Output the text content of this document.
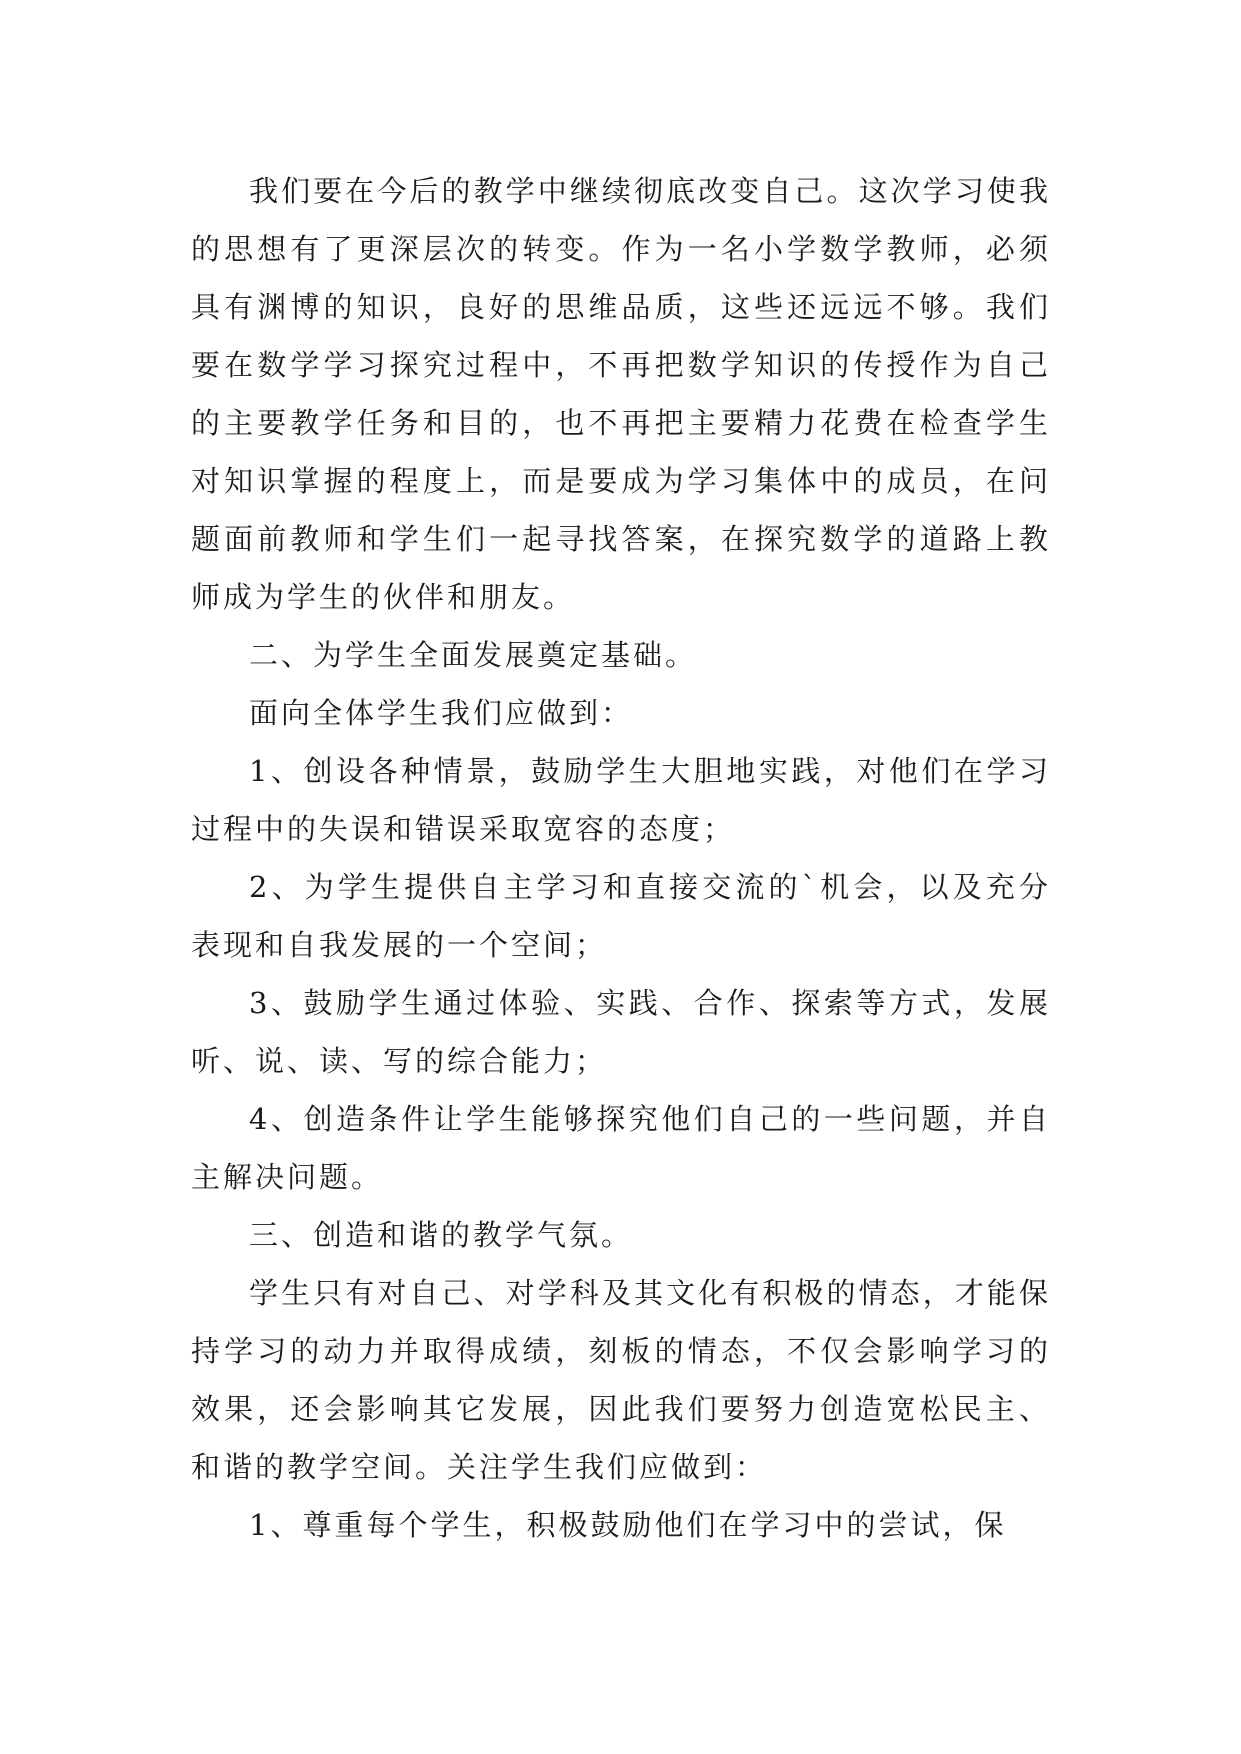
我们要在今后的教学中继续彻底改变自己。这次学习使我的思想有了更深层次的转变。作为一名小学数学教师，必须具有渊博的知识，良好的思维品质，这些还远远不够。我们要在数学学习探究过程中，不再把数学知识的传授作为自己的主要教学任务和目的，也不再把主要精力花费在检查学生对知识掌握的程度上，而是要成为学习集体中的成员，在问题面前教师和学生们一起寻找答案，在探究数学的道路上教师成为学生的伙伴和朋友。

二、为学生全面发展奠定基础。

面向全体学生我们应做到：

1、创设各种情景，鼓励学生大胆地实践，对他们在学习过程中的失误和错误采取宽容的态度；

2、为学生提供自主学习和直接交流的`机会，以及充分表现和自我发展的一个空间；

3、鼓励学生通过体验、实践、合作、探索等方式，发展听、说、读、写的综合能力；

4、创造条件让学生能够探究他们自己的一些问题，并自主解决问题。

三、创造和谐的教学气氛。

学生只有对自己、对学科及其文化有积极的情态，才能保持学习的动力并取得成绩，刻板的情态，不仅会影响学习的效果，还会影响其它发展，因此我们要努力创造宽松民主、和谐的教学空间。关注学生我们应做到：

1、尊重每个学生，积极鼓励他们在学习中的尝试，保
